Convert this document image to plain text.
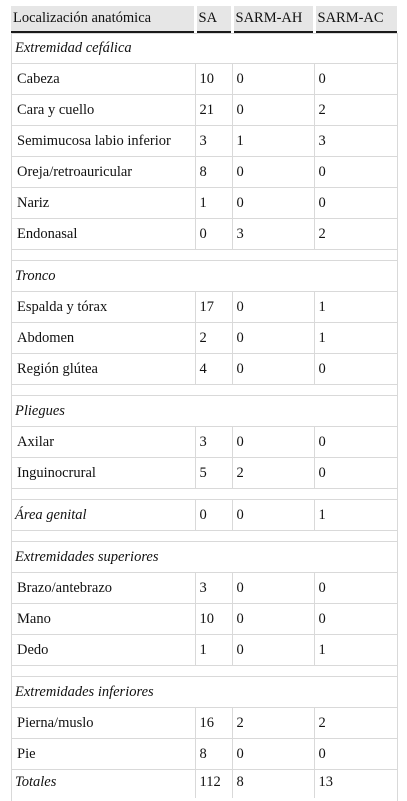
Localización anatómica	SA	SARM-AH	SARM-AC
Extremidad cefálica			
Cabeza	10	0	0
Cara y cuello	21	0	2
Semimucosa labio inferior	3	1	3
Oreja/retroauricular	8	0	0
Nariz	1	0	0
Endonasal	0	3	2

Tronco			
Espalda y tórax	17	0	1
Abdomen	2	0	1
Región glútea	4	0	0

Pliegues			
Axilar	3	0	0
Inguinocrural	5	2	0

Área genital	0	0	1

Extremidades superiores			
Brazo/antebrazo	3	0	0
Mano	10	0	0
Dedo	1	0	1

Extremidades inferiores			
Pierna/muslo	16	2	2
Pie	8	0	0
Totales	112	8	13
